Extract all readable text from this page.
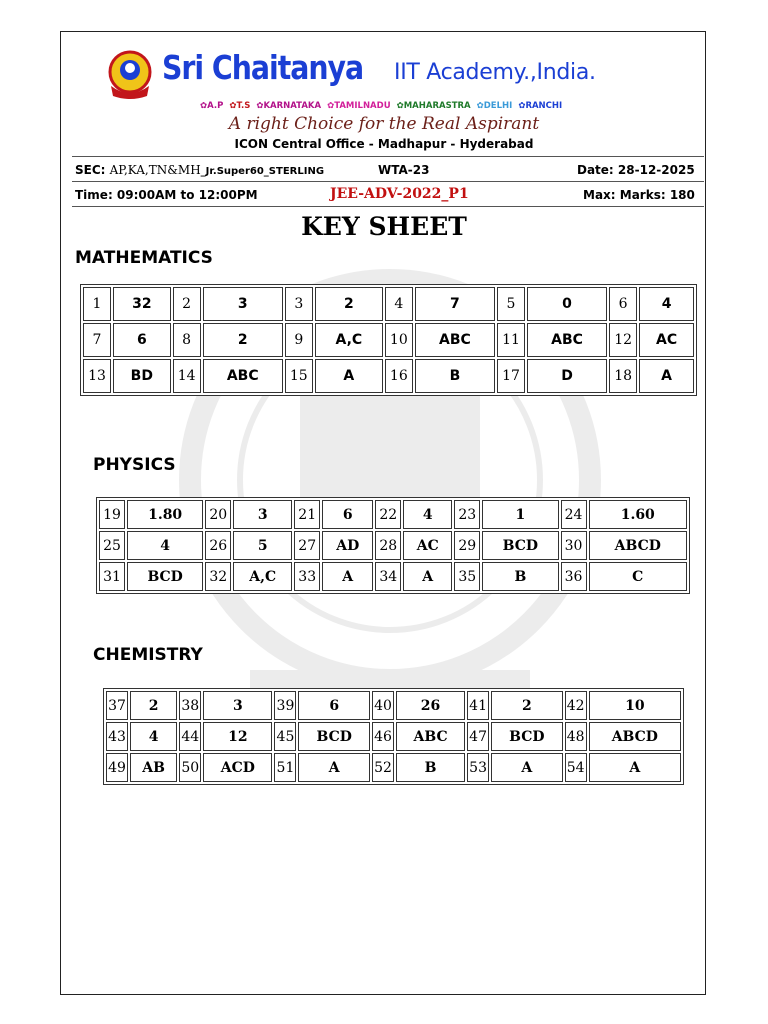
Sri Chaitanya IIT Academy.,India.
✿A.P ✿T.S ✿KARNATAKA ✿TAMILNADU ✿MAHARASTRA ✿DELHI ✿RANCHI
A right Choice for the Real Aspirant
ICON Central Office - Madhapur - Hyderabad
SEC: AP,KA,TN&MH_Jr.Super60_STERLING	WTA-23	Date: 28-12-2025
Time: 09:00AM to 12:00PM	JEE-ADV-2022_P1	Max: Marks: 180
KEY SHEET
MATHEMATICS
1	32	2	3	3	2	4	7	5	0	6	4
7	6	8	2	9	A,C	10	ABC	11	ABC	12	AC
13	BD	14	ABC	15	A	16	B	17	D	18	A
PHYSICS
19	1.80	20	3	21	6	22	4	23	1	24	1.60
25	4	26	5	27	AD	28	AC	29	BCD	30	ABCD
31	BCD	32	A,C	33	A	34	A	35	B	36	C
CHEMISTRY
37	2	38	3	39	6	40	26	41	2	42	10
43	4	44	12	45	BCD	46	ABC	47	BCD	48	ABCD
49	AB	50	ACD	51	A	52	B	53	A	54	A
